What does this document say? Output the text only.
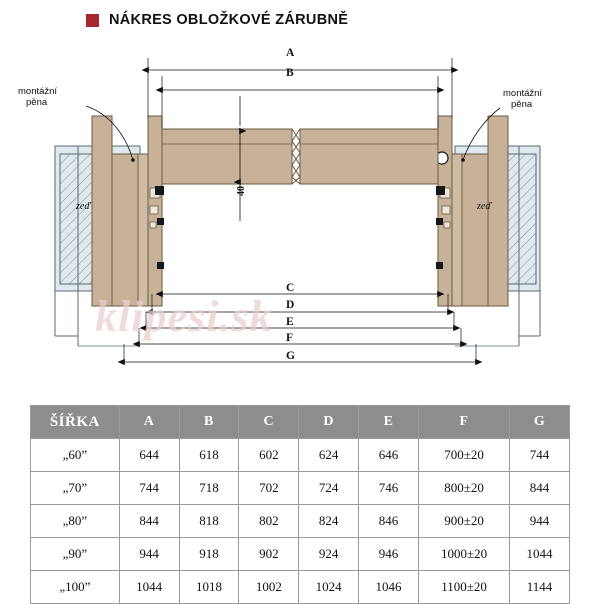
NÁKRES OBLOŽKOVÉ ZÁRUBNĚ
montážní
pěna
montážní
pěna
zeď	zeď
40
A
B
C
D
E
F
G
klipesi.sk
ŠÍŘKA	A	B	C	D	E	F	G
„60”	644	618	602	624	646	700±20	744
„70”	744	718	702	724	746	800±20	844
„80”	844	818	802	824	846	900±20	944
„90”	944	918	902	924	946	1000±20	1044
„100”	1044	1018	1002	1024	1046	1100±20	1144
